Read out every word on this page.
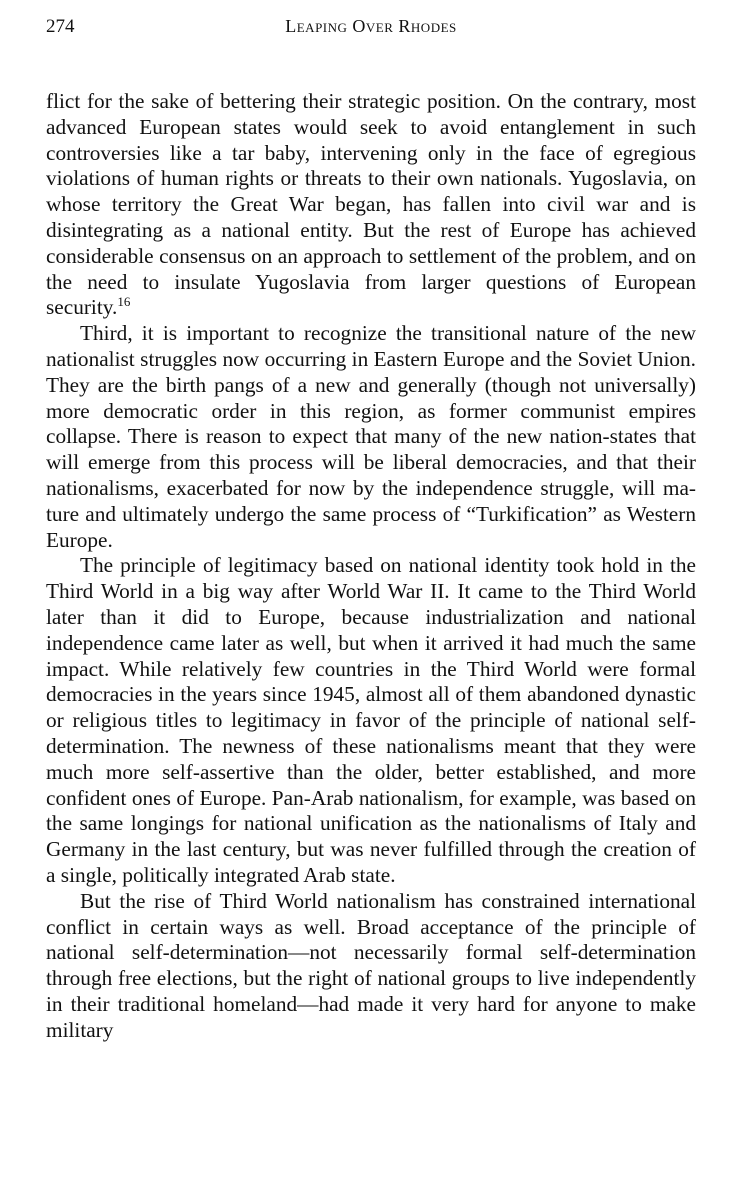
274	Leaping Over Rhodes

flict for the sake of bettering their strategic position. On the contrary, most advanced European states would seek to avoid entanglement in such controversies like a tar baby, intervening only in the face of egregious violations of human rights or threats to their own nationals. Yugoslavia, on whose territory the Great War began, has fallen into civil war and is disintegrating as a national entity. But the rest of Europe has achieved considerable consensus on an approach to settlement of the problem, and on the need to insulate Yugoslavia from larger questions of European security.$^{16}$

Third, it is important to recognize the transitional nature of the new nationalist struggles now occurring in Eastern Europe and the Soviet Union. They are the birth pangs of a new and generally (though not universally) more democratic order in this region, as former communist empires collapse. There is reason to expect that many of the new nation-states that will emerge from this process will be liberal democracies, and that their nationalisms, exacerbated for now by the independence struggle, will mature and ultimately undergo the same process of “Turkification” as Western Europe.

The principle of legitimacy based on national identity took hold in the Third World in a big way after World War II. It came to the Third World later than it did to Europe, because industrialization and national independence came later as well, but when it arrived it had much the same impact. While relatively few countries in the Third World were formal democracies in the years since 1945, almost all of them abandoned dynastic or religious titles to legitimacy in favor of the principle of national self-determination. The newness of these nationalisms meant that they were much more self-assertive than the older, better established, and more confident ones of Europe. Pan-Arab nationalism, for example, was based on the same longings for national unification as the nationalisms of Italy and Germany in the last century, but was never fulfilled through the creation of a single, politically integrated Arab state.

But the rise of Third World nationalism has constrained international conflict in certain ways as well. Broad acceptance of the principle of national self-determination—not necessarily formal self-determination through free elections, but the right of national groups to live independently in their traditional homeland—had made it very hard for anyone to make military
